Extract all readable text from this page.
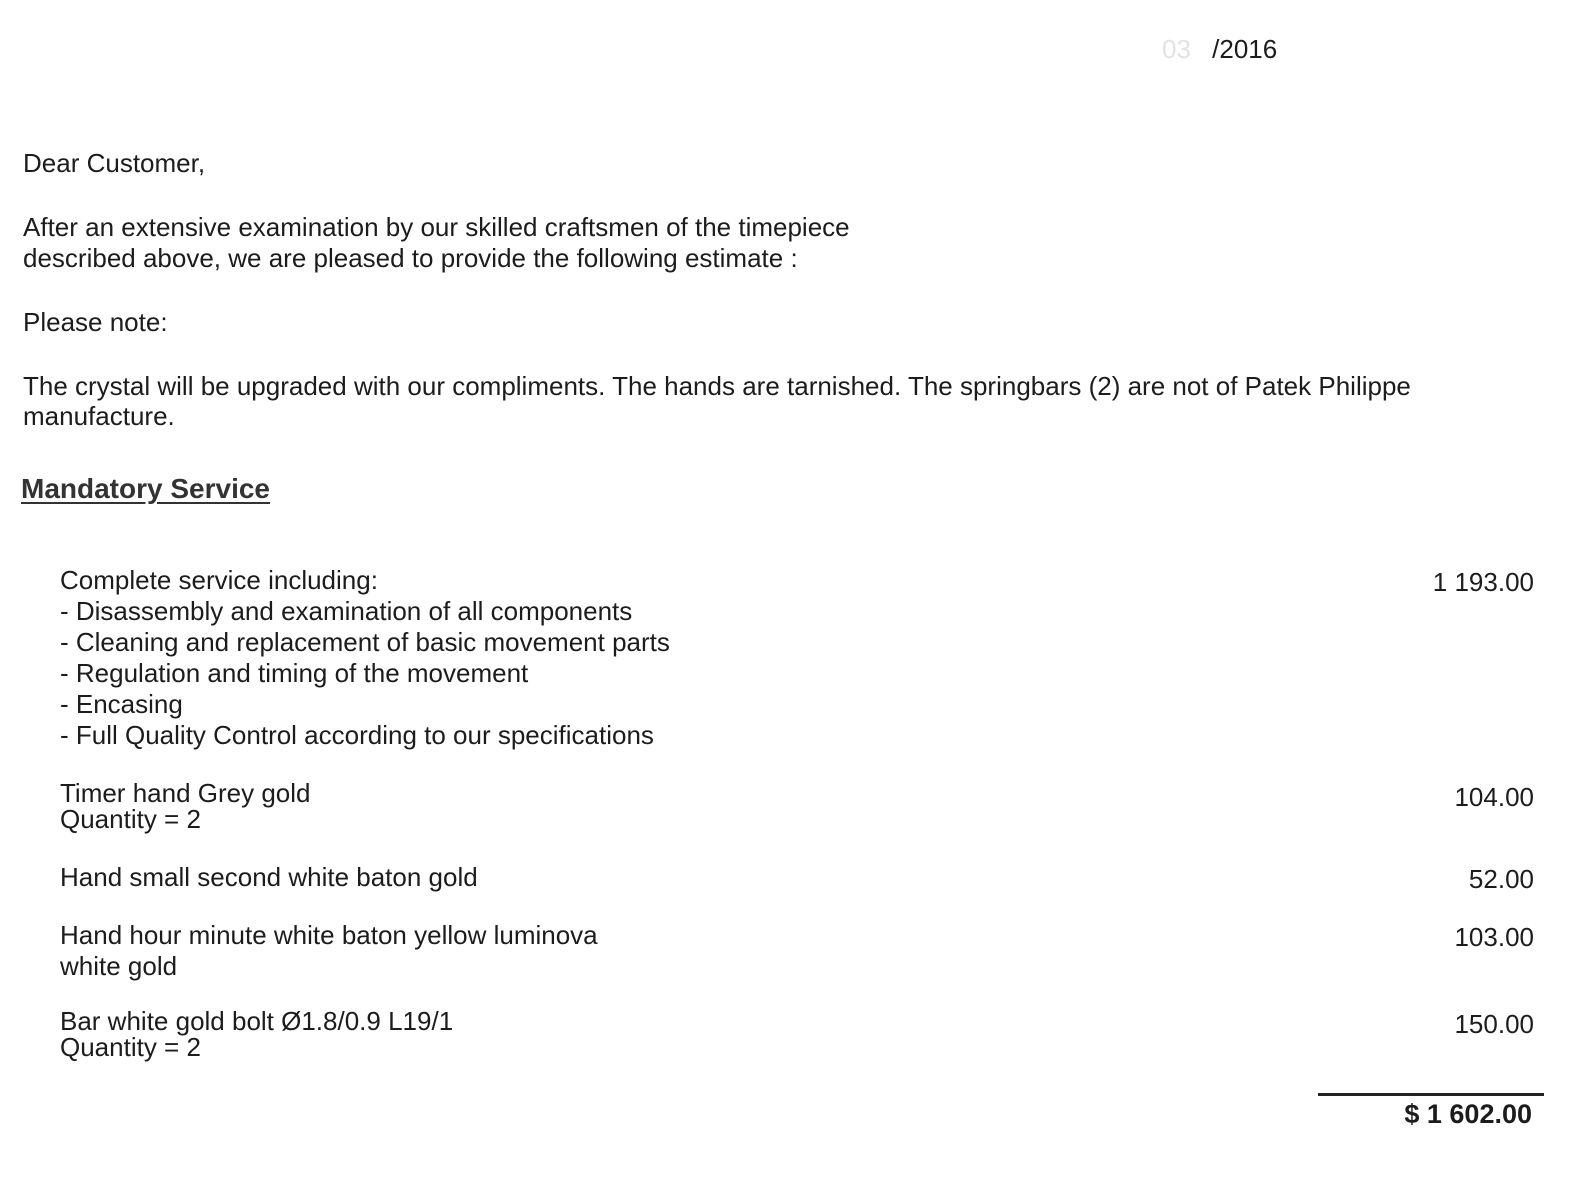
03 /2016
Dear Customer,
After an extensive examination by our skilled craftsmen of the timepiece
described above, we are pleased to provide the following estimate :
Please note:
The crystal will be upgraded with our compliments. The hands are tarnished. The springbars (2) are not of Patek Philippe
manufacture.
Mandatory Service
Complete service including:
- Disassembly and examination of all components
- Cleaning and replacement of basic movement parts
- Regulation and timing of the movement
- Encasing
- Full Quality Control according to our specifications
1 193.00
Timer hand Grey gold
Quantity = 2
104.00
Hand small second white baton gold	52.00
Hand hour minute white baton yellow luminova
white gold
103.00
Bar white gold bolt Ø1.8/0.9 L19/1
Quantity = 2
150.00
$ 1 602.00
